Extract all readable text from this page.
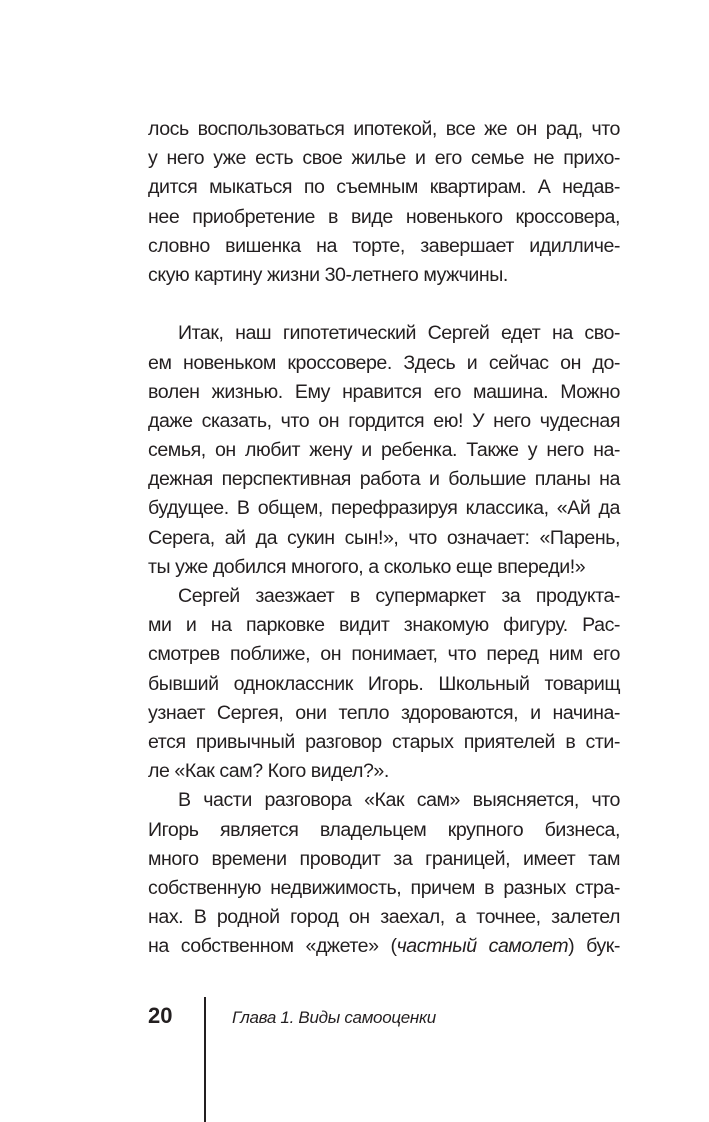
лось воспользоваться ипотекой, все же он рад, что
у него уже есть свое жилье и его семье не прихо-
дится мыкаться по съемным квартирам. А недав-
нее приобретение в виде новенького кроссовера,
словно вишенка на торте, завершает идилличе-
скую картину жизни 30-летнего мужчины.
Итак, наш гипотетический Сергей едет на сво-
ем новеньком кроссовере. Здесь и сейчас он до-
волен жизнью. Ему нравится его машина. Можно
даже сказать, что он гордится ею! У него чудесная
семья, он любит жену и ребенка. Также у него на-
дежная перспективная работа и большие планы на
будущее. В общем, перефразируя классика, «Ай да
Серега, ай да сукин сын!», что означает: «Парень,
ты уже добился многого, а сколько еще впереди!»
Сергей заезжает в супермаркет за продукта-
ми и на парковке видит знакомую фигуру. Рас-
смотрев поближе, он понимает, что перед ним его
бывший одноклассник Игорь. Школьный товарищ
узнает Сергея, они тепло здороваются, и начина-
ется привычный разговор старых приятелей в сти-
ле «Как сам? Кого видел?».
В части разговора «Как сам» выясняется, что
Игорь является владельцем крупного бизнеса,
много времени проводит за границей, имеет там
собственную недвижимость, причем в разных стра-
нах. В родной город он заехал, а точнее, залетел
на собственном «джете» (частный самолет) бук-
20	Глава 1. Виды самооценки
